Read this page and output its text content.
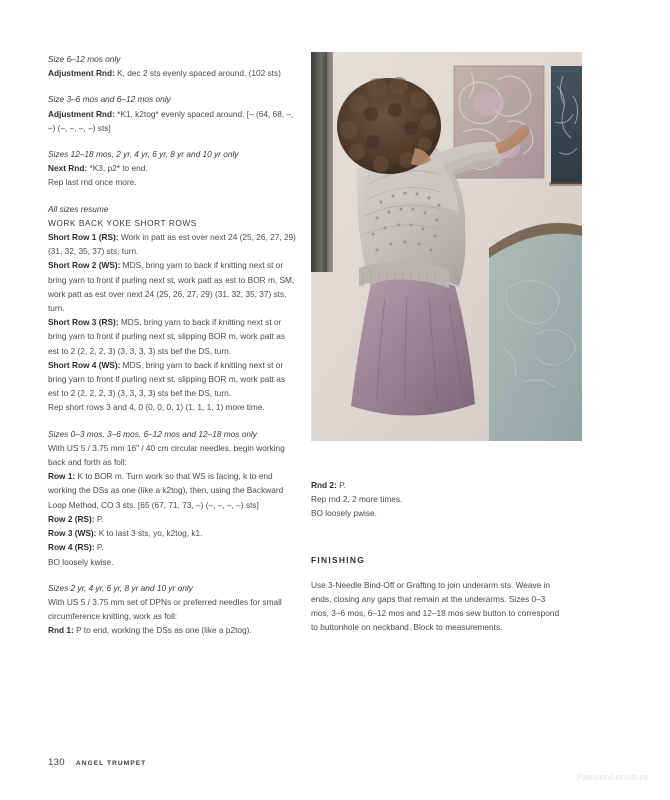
Size 6–12 mos only

Adjustment Rnd: K, dec 2 sts evenly spaced around. (102 sts)

Size 3–6 mos and 6–12 mos only

Adjustment Rnd: *K1, k2tog* evenly spaced around. [– (64, 68, –, –) (–, –, –, –) sts]

Sizes 12–18 mos, 2 yr, 4 yr, 6 yr, 8 yr and 10 yr only

Next Rnd: *K3, p2* to end.

Rep last rnd once more.

All sizes resume
WORK BACK YOKE SHORT ROWS

Short Row 1 (RS): Work in patt as est over next 24 (25, 26, 27, 29) (31, 32, 35, 37) sts, turn.

Short Row 2 (WS): MDS, bring yarn to back if knitting next st or bring yarn to front if purling next st, work patt as est to BOR m, SM, work patt as est over next 24 (25, 26, 27, 29) (31, 32, 35, 37) sts, turn.

Short Row 3 (RS): MDS, bring yarn to back if knitting next st or bring yarn to front if purling next st, slipping BOR m, work patt as est to 2 (2, 2, 2, 3) (3, 3, 3, 3) sts bef the DS, turn.

Short Row 4 (WS): MDS, bring yarn to back if knitting next st or bring yarn to front if purling next st, slipping BOR m, work patt as est to 2 (2, 2, 2, 3) (3, 3, 3, 3) sts bef the DS, turn.

Rep short rows 3 and 4, 0 (0, 0, 0, 1) (1, 1, 1, 1) more time.

Sizes 0–3 mos, 3–6 mos, 6–12 mos and 12–18 mos only

With US 5 / 3.75 mm 16" / 40 cm circular needles, begin working back and forth as foll:

Row 1: K to BOR m. Turn work so that WS is facing, k to end working the DSs as one (like a k2tog), then, using the Backward Loop Method, CO 3 sts. [65 (67, 71, 73, –) (–, –, –, –) sts]

Row 2 (RS): P.

Row 3 (WS): K to last 3 sts, yo, k2tog, k1.

Row 4 (RS): P.

BO loosely kwise.

Sizes 2 yr, 4 yr, 6 yr, 8 yr and 10 yr only

With US 5 / 3.75 mm set of DPNs or preferred needles for small circumference knitting, work as foll:

Rnd 1: P to end, working the DSs as one (like a p2tog).

Rnd 2: P.

Rep rnd 2, 2 more times.

BO loosely pwise.

FINISHING

Use 3-Needle Bind-Off or Grafting to join underarm sts. Weave in ends, closing any gaps that remain at the underarms. Sizes 0–3 mos, 3–6 mos, 6–12 mos and 12–18 mos sew button to correspond to buttonhole on neckband. Block to measurements.

130 ANGEL TRUMPET
PassionForum.ru
